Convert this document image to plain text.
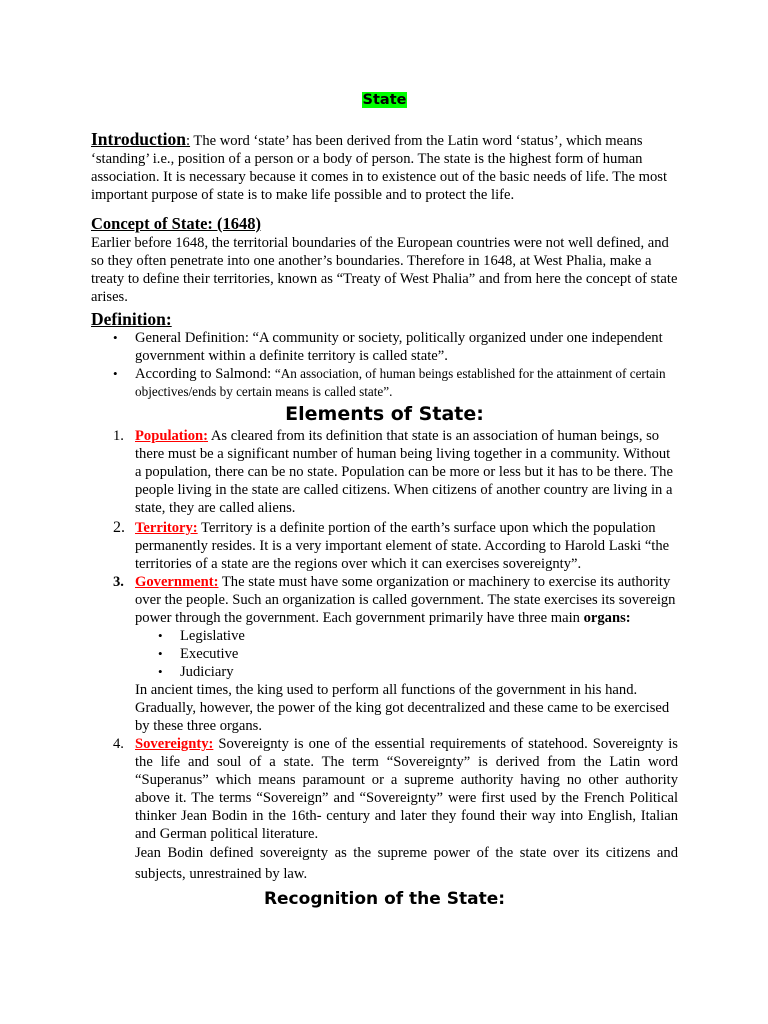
State

Introduction: The word ‘state’ has been derived from the Latin word ‘status’, which means ‘standing’ i.e., position of a person or a body of person. The state is the highest form of human association. It is necessary because it comes in to existence out of the basic needs of life. The most important purpose of state is to make life possible and to protect the life.

Concept of State: (1648)

Earlier before 1648, the territorial boundaries of the European countries were not well defined, and so they often penetrate into one another’s boundaries. Therefore in 1648, at West Phalia, make a treaty to define their territories, known as “Treaty of West Phalia” and from here the concept of state arises.

Definition:
• General Definition: “A community or society, politically organized under one independent government within a definite territory is called state”.
• According to Salmond: “An association, of human beings established for the attainment of certain objectives/ends by certain means is called state”.
Elements of State:
1. Population: As cleared from its definition that state is an association of human beings, so there must be a significant number of human being living together in a community. Without a population, there can be no state. Population can be more or less but it has to be there. The people living in the state are called citizens. When citizens of another country are living in a state, they are called aliens.
2. Territory: Territory is a definite portion of the earth’s surface upon which the population permanently resides. It is a very important element of state. According to Harold Laski “the territories of a state are the regions over which it can exercises sovereignty”.
3. Government: The state must have some organization or machinery to exercise its authority over the people. Such an organization is called government. The state exercises its sovereign power through the government. Each government primarily have three main organs:
• Legislative
• Executive
• Judiciary
In ancient times, the king used to perform all functions of the government in his hand. Gradually, however, the power of the king got decentralized and these came to be exercised by these three organs.
4. Sovereignty: Sovereignty is one of the essential requirements of statehood. Sovereignty is the life and soul of a state. The term “Sovereignty” is derived from the Latin word “Superanus” which means paramount or a supreme authority having no other authority above it. The terms “Sovereign” and “Sovereignty” were first used by the French Political thinker Jean Bodin in the 16th- century and later they found their way into English, Italian and German political literature.
Jean Bodin defined sovereignty as the supreme power of the state over its citizens and subjects, unrestrained by law.
Recognition of the State:
